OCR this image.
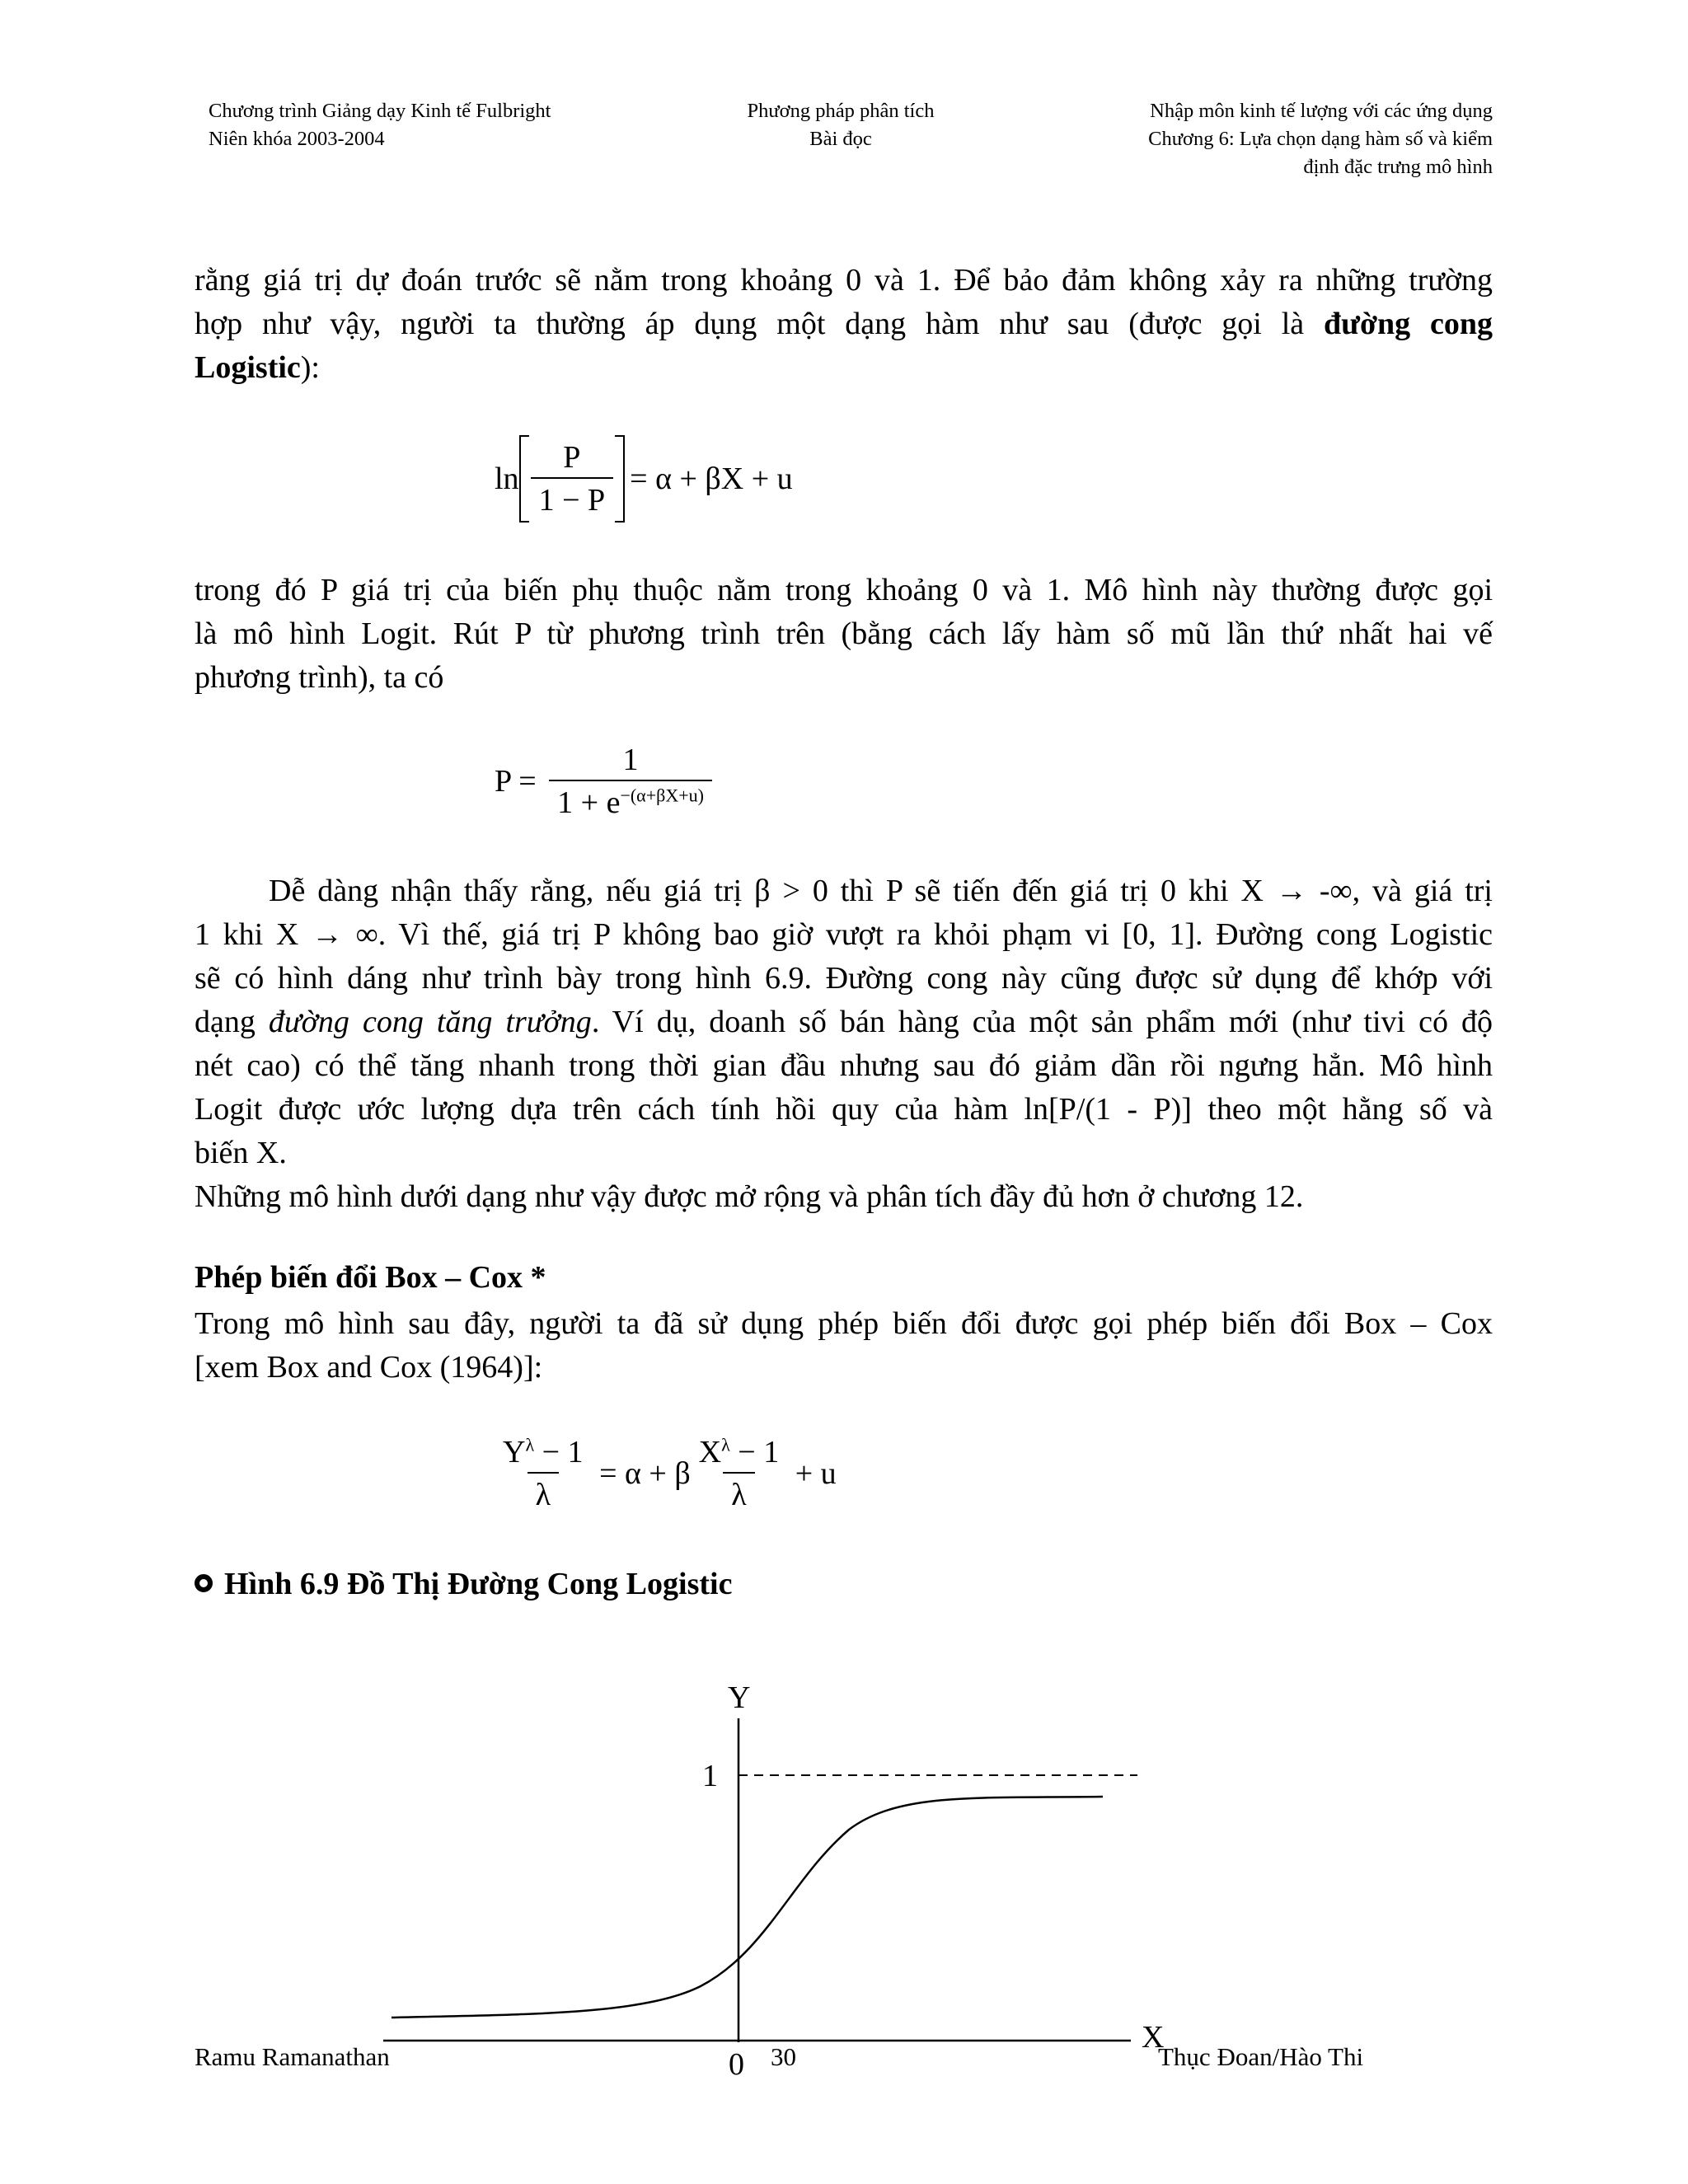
Chương trình Giảng dạy Kinh tế Fulbright
Niên khóa 2003-2004
Phương pháp phân tích
Bài đọc
Nhập môn kinh tế lượng với các ứng dụng
Chương 6: Lựa chọn dạng hàm số và kiểm
định đặc trưng mô hình
rằng giá trị dự đoán trước sẽ nằm trong khoảng 0 và 1. Để bảo đảm không xảy ra những trường
hợp như vậy, người ta thường áp dụng một dạng hàm như sau (được gọi là đường cong
Logistic):
$\ln \frac{P}{1 - P} = \alpha + \beta X + u$
trong đó P giá trị của biến phụ thuộc nằm trong khoảng 0 và 1. Mô hình này thường được gọi
là mô hình Logit. Rút P từ phương trình trên (bằng cách lấy hàm số mũ lần thứ nhất hai vế
phương trình), ta có
$P = \frac{1}{1 + e^{-(\alpha+\beta X+u)}}$
Dễ dàng nhận thấy rằng, nếu giá trị β > 0 thì P sẽ tiến đến giá trị 0 khi X → -∞, và giá trị
1 khi X → ∞. Vì thế, giá trị P không bao giờ vượt ra khỏi phạm vi [0, 1]. Đường cong Logistic
sẽ có hình dáng như trình bày trong hình 6.9. Đường cong này cũng được sử dụng để khớp với
dạng đường cong tăng trưởng. Ví dụ, doanh số bán hàng của một sản phẩm mới (như tivi có độ
nét cao) có thể tăng nhanh trong thời gian đầu nhưng sau đó giảm dần rồi ngưng hẳn. Mô hình
Logit được ước lượng dựa trên cách tính hồi quy của hàm ln[P/(1 - P)] theo một hằng số và
biến X.
Những mô hình dưới dạng như vậy được mở rộng và phân tích đầy đủ hơn ở chương 12.
Phép biến đổi Box – Cox *
Trong mô hình sau đây, người ta đã sử dụng phép biến đổi được gọi phép biến đổi Box – Cox
[xem Box and Cox (1964)]:
$\frac{Y^\lambda - 1}{\lambda} = \alpha + \beta \frac{X^\lambda - 1}{\lambda} + u$
Hình 6.9 Đồ Thị Đường Cong Logistic
Y
X
1
0
Ramu Ramanathan	30	Thục Đoan/Hào Thi
